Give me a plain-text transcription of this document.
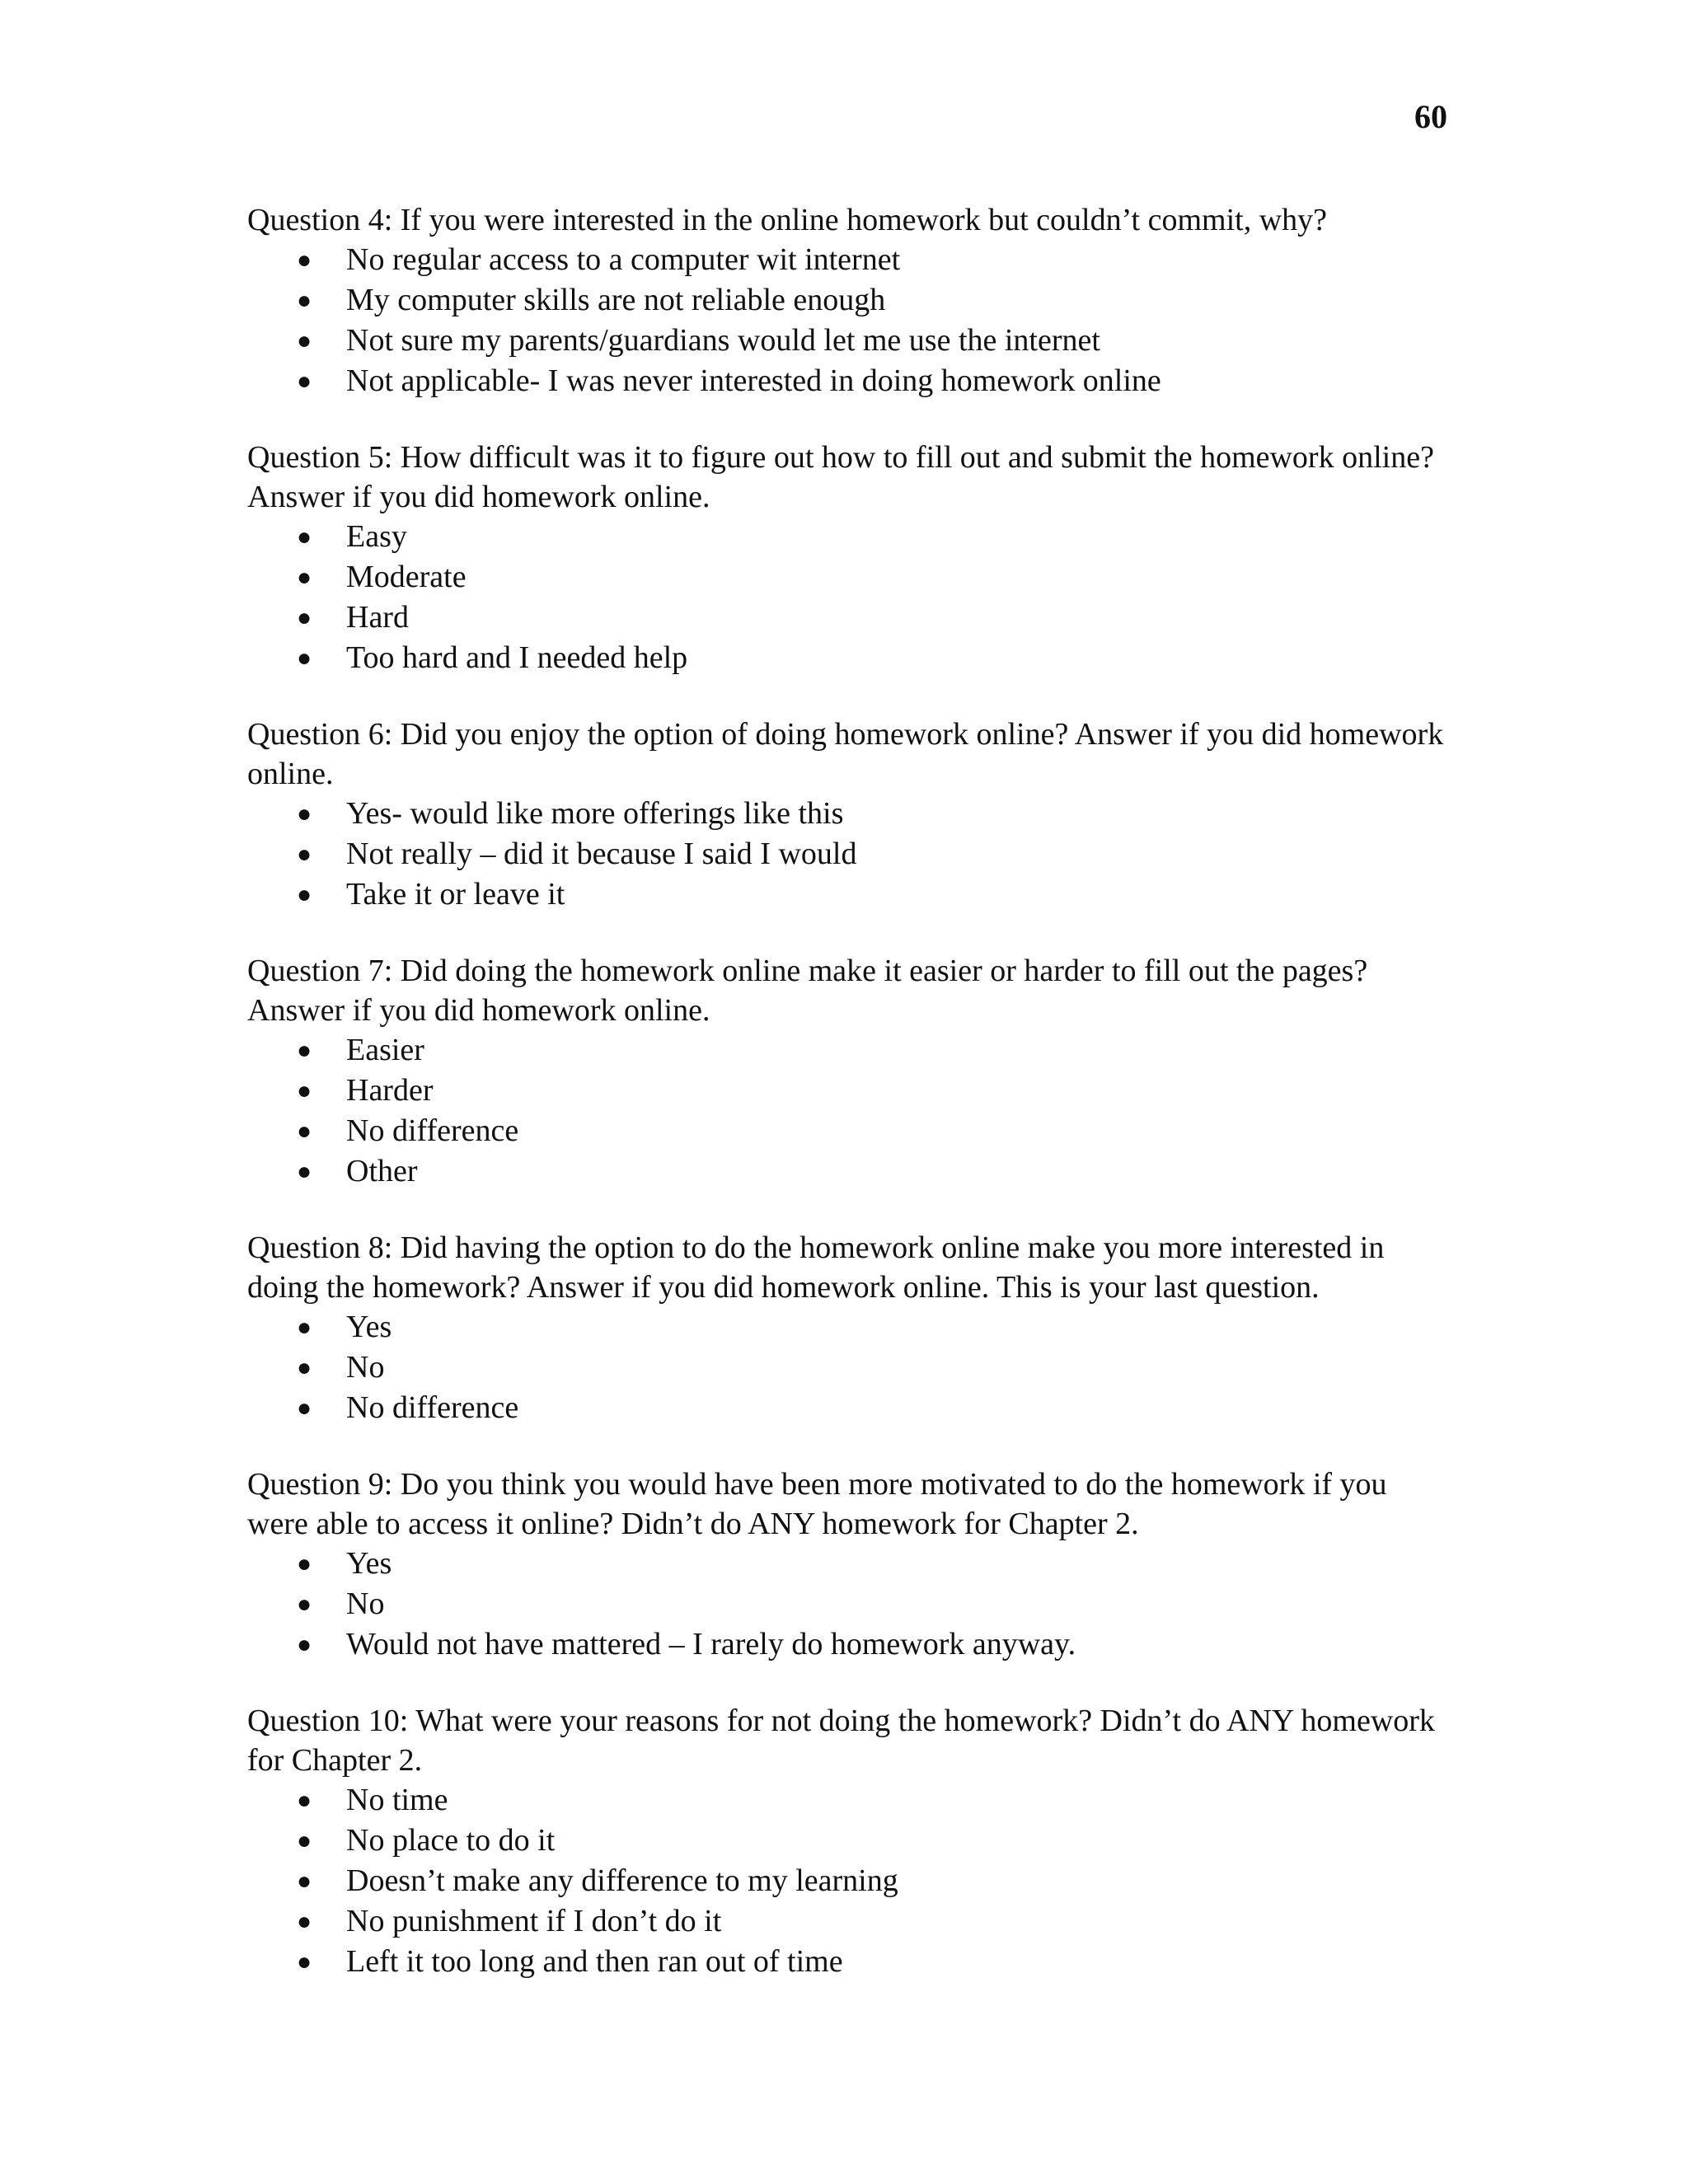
60

Question 4: If you were interested in the online homework but couldn’t commit, why?

● No regular access to a computer wit internet
● My computer skills are not reliable enough
● Not sure my parents/guardians would let me use the internet
● Not applicable- I was never interested in doing homework online

Question 5: How difficult was it to figure out how to fill out and submit the homework online? Answer if you did homework online.

● Easy
● Moderate
● Hard
● Too hard and I needed help

Question 6: Did you enjoy the option of doing homework online? Answer if you did homework online.

● Yes- would like more offerings like this
● Not really – did it because I said I would
● Take it or leave it

Question 7: Did doing the homework online make it easier or harder to fill out the pages? Answer if you did homework online.

● Easier
● Harder
● No difference
● Other

Question 8: Did having the option to do the homework online make you more interested in doing the homework? Answer if you did homework online. This is your last question.

● Yes
● No
● No difference

Question 9: Do you think you would have been more motivated to do the homework if you were able to access it online? Didn’t do ANY homework for Chapter 2.

● Yes
● No
● Would not have mattered – I rarely do homework anyway.

Question 10: What were your reasons for not doing the homework? Didn’t do ANY homework for Chapter 2.

● No time
● No place to do it
● Doesn’t make any difference to my learning
● No punishment if I don’t do it
● Left it too long and then ran out of time
